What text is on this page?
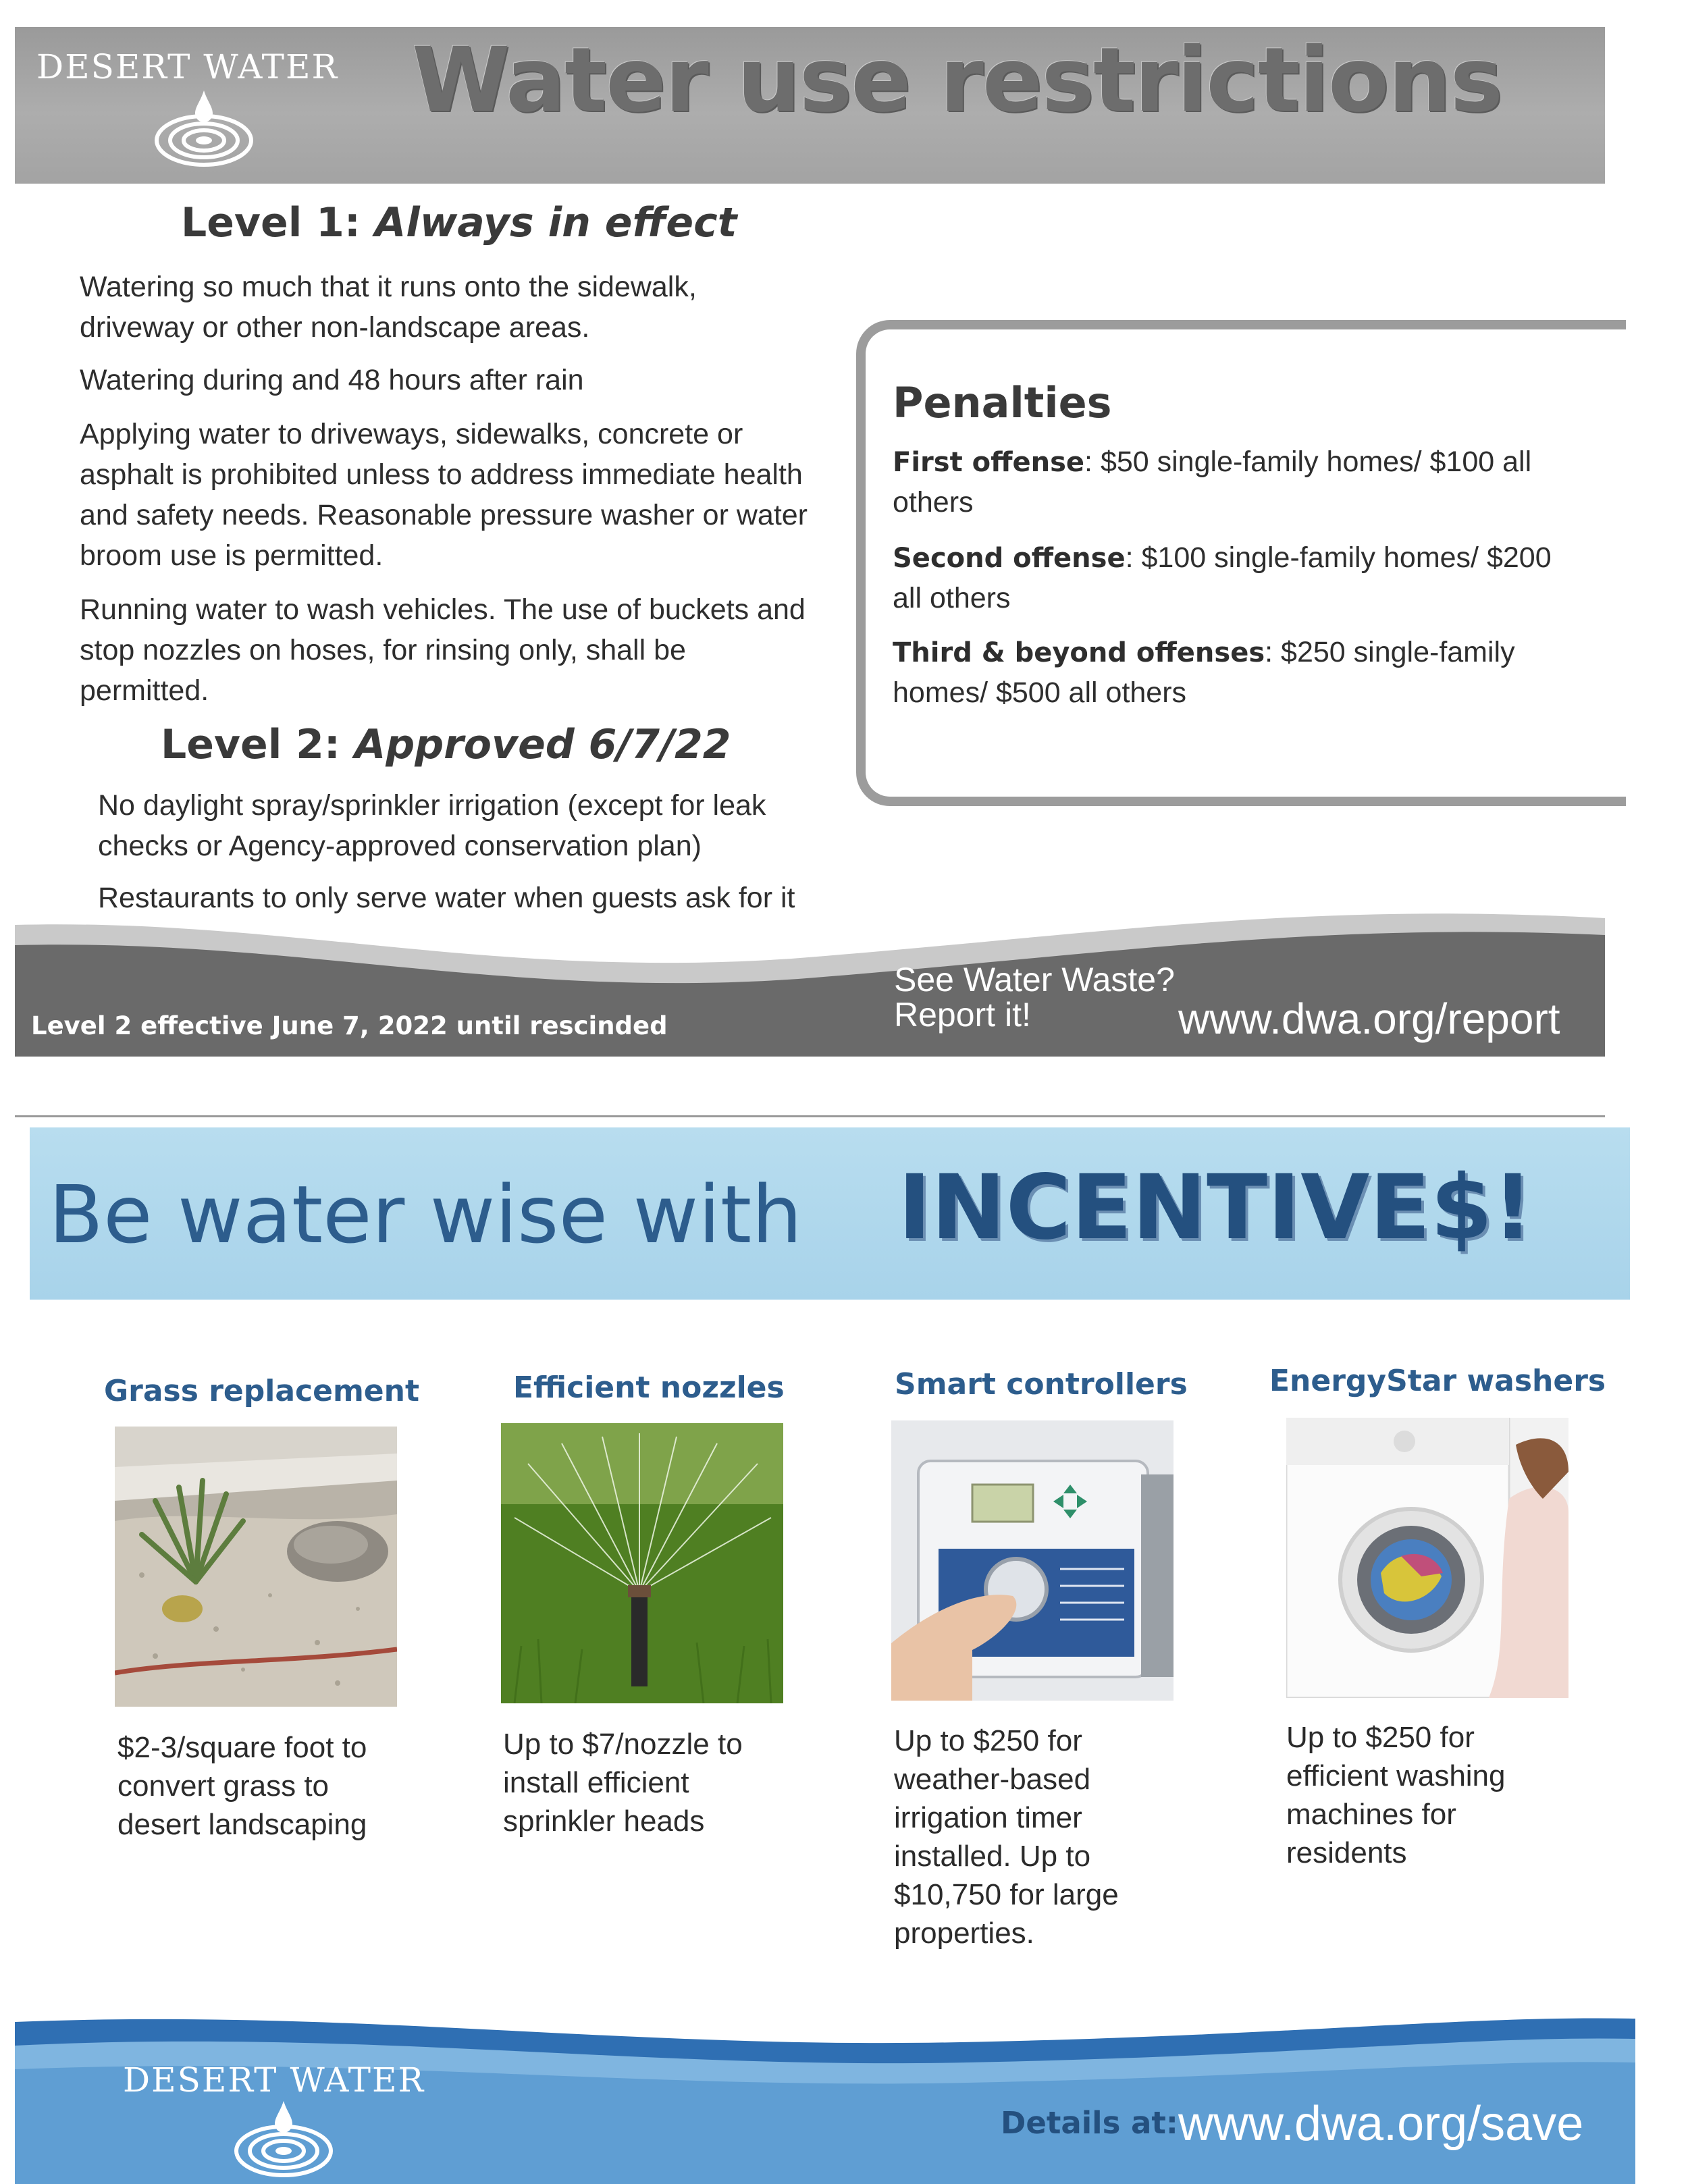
DESERT WATER Water use restrictions
Level 1: Always in effect
Watering so much that it runs onto the sidewalk, driveway or other non-landscape areas.
Watering during and 48 hours after rain
Applying water to driveways, sidewalks, concrete or asphalt is prohibited unless to address immediate health and safety needs. Reasonable pressure washer or water broom use is permitted.
Running water to wash vehicles. The use of buckets and stop nozzles on hoses, for rinsing only, shall be permitted.
Level 2: Approved 6/7/22
No daylight spray/sprinkler irrigation (except for leak checks or Agency-approved conservation plan)
Restaurants to only serve water when guests ask for it
Penalties
First offense: $50 single-family homes/ $100 all others
Second offense: $100 single-family homes/ $200 all others
Third & beyond offenses: $250 single-family homes/ $500 all others
Level 2 effective June 7, 2022 until rescinded
See Water Waste?
Report it!	www.dwa.org/report
Be water wise with INCENTIVE$!
Grass replacement
$2-3/square foot to convert grass to desert landscaping
Efficient nozzles
Up to $7/nozzle to install efficient sprinkler heads
Smart controllers
Up to $250 for weather-based irrigation timer installed. Up to $10,750 for large properties.
EnergyStar washers
Up to $250 for efficient washing machines for residents
DESERT WATER
Details at: www.dwa.org/save
